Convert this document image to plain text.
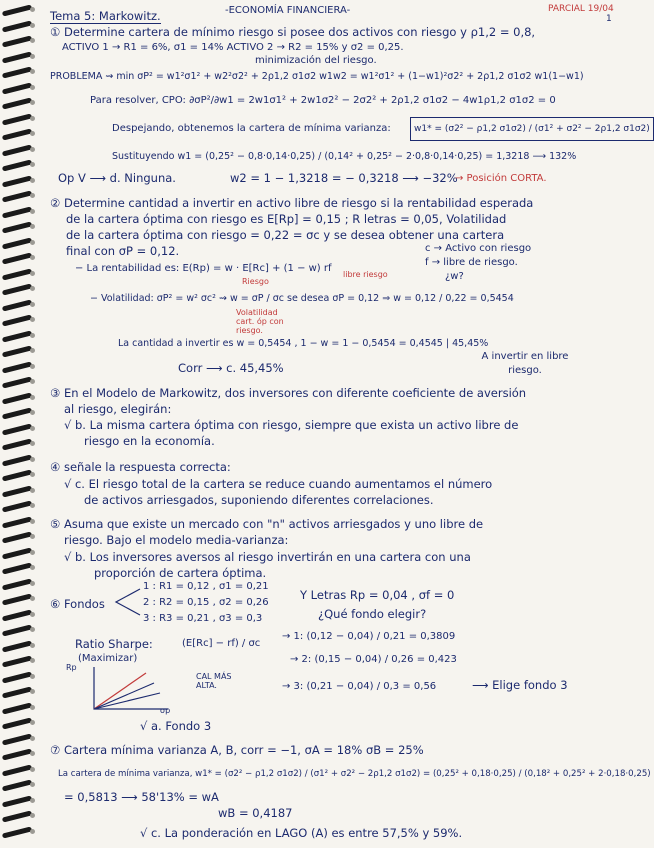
-ECONOMÍA FINANCIERA-	PARCIAL 19/04
1
Tema 5: Markowitz.
① Determine cartera de mínimo riesgo si posee dos activos con riesgo y ρ1,2 = 0,8,
ACTIVO 1 → R1 = 6%, σ1 = 14% ACTIVO 2 → R2 = 15% y σ2 = 0,25.
minimización del riesgo.
PROBLEMA ⇝ min σP² = w1²σ1² + w2²σ2² + 2ρ1,2 σ1σ2 w1w2 = w1²σ1² + (1−w1)²σ2² + 2ρ1,2 σ1σ2 w1(1−w1)
Para resolver, CPO: ∂σP²/∂w1 = 2w1σ1² + 2w1σ2² − 2σ2² + 2ρ1,2 σ1σ2 − 4w1ρ1,2 σ1σ2 = 0
Despejando, obtenemos la cartera de mínima varianza:	w1* = (σ2² − ρ1,2 σ1σ2) / (σ1² + σ2² − 2ρ1,2 σ1σ2)
Sustituyendo w1 = (0,25² − 0,8·0,14·0,25) / (0,14² + 0,25² − 2·0,8·0,14·0,25) = 1,3218 ⟶ 132%
Op V ⟶ d. Ninguna.	w2 = 1 − 1,3218 = − 0,3218 ⟶ −32%
→ Posición CORTA.
② Determine cantidad a invertir en activo libre de riesgo si la rentabilidad esperada
de la cartera óptima con riesgo es E[Rp] = 0,15 ; R letras = 0,05, Volatilidad
de la cartera óptima con riesgo = 0,22 = σc y se desea obtener una cartera
final con σP = 0,12.	c → Activo con riesgo
f → libre de riesgo.
¿w?
− La rentabilidad es: E(Rp) = w · E[Rc] + (1 − w) rf
Riesgo
libre riesgo
− Volatilidad: σP² = w² σc² ⇝ w = σP / σc se desea σP = 0,12 ⇒ w = 0,12 / 0,22 = 0,5454
Volatilidad cart. óp con riesgo.
La cantidad a invertir es w = 0,5454 , 1 − w = 1 − 0,5454 = 0,4545 | 45,45%
A invertir en libre riesgo.
Corr ⟶ c. 45,45%
③ En el Modelo de Markowitz, dos inversores con diferente coeficiente de aversión
al riesgo, elegirán:
√ b. La misma cartera óptima con riesgo, siempre que exista un activo libre de
riesgo en la economía.
④ señale la respuesta correcta:
√ c. El riesgo total de la cartera se reduce cuando aumentamos el número
de activos arriesgados, suponiendo diferentes correlaciones.
⑤ Asuma que existe un mercado con "n" activos arriesgados y uno libre de
riesgo. Bajo el modelo media-varianza:
√ b. Los inversores aversos al riesgo invertirán en una cartera con una
proporción de cartera óptima.
⑥ Fondos
1 : R1 = 0,12 , σ1 = 0,21
2 : R2 = 0,15 , σ2 = 0,26
3 : R3 = 0,21 , σ3 = 0,3
Y Letras Rp = 0,04 , σf = 0
¿Qué fondo elegir?
Ratio Sharpe:	(E[Rc] − rf) / σc
(Maximizar)
Rp
σp
CAL MÁS ALTA.
→ 1: (0,12 − 0,04) / 0,21 = 0,3809
→ 2: (0,15 − 0,04) / 0,26 = 0,423
→ 3: (0,21 − 0,04) / 0,3 = 0,56	⟶ Elige fondo 3
√ a. Fondo 3
⑦ Cartera mínima varianza A, B, corr = −1, σA = 18% σB = 25%
La cartera de mínima varianza, w1* = (σ2² − ρ1,2 σ1σ2) / (σ1² + σ2² − 2ρ1,2 σ1σ2) = (0,25² + 0,18·0,25) / (0,18² + 0,25² + 2·0,18·0,25)
= 0,5813 ⟶ 58'13% = wA
wB = 0,4187
√ c. La ponderación en LAGO (A) es entre 57,5% y 59%.
